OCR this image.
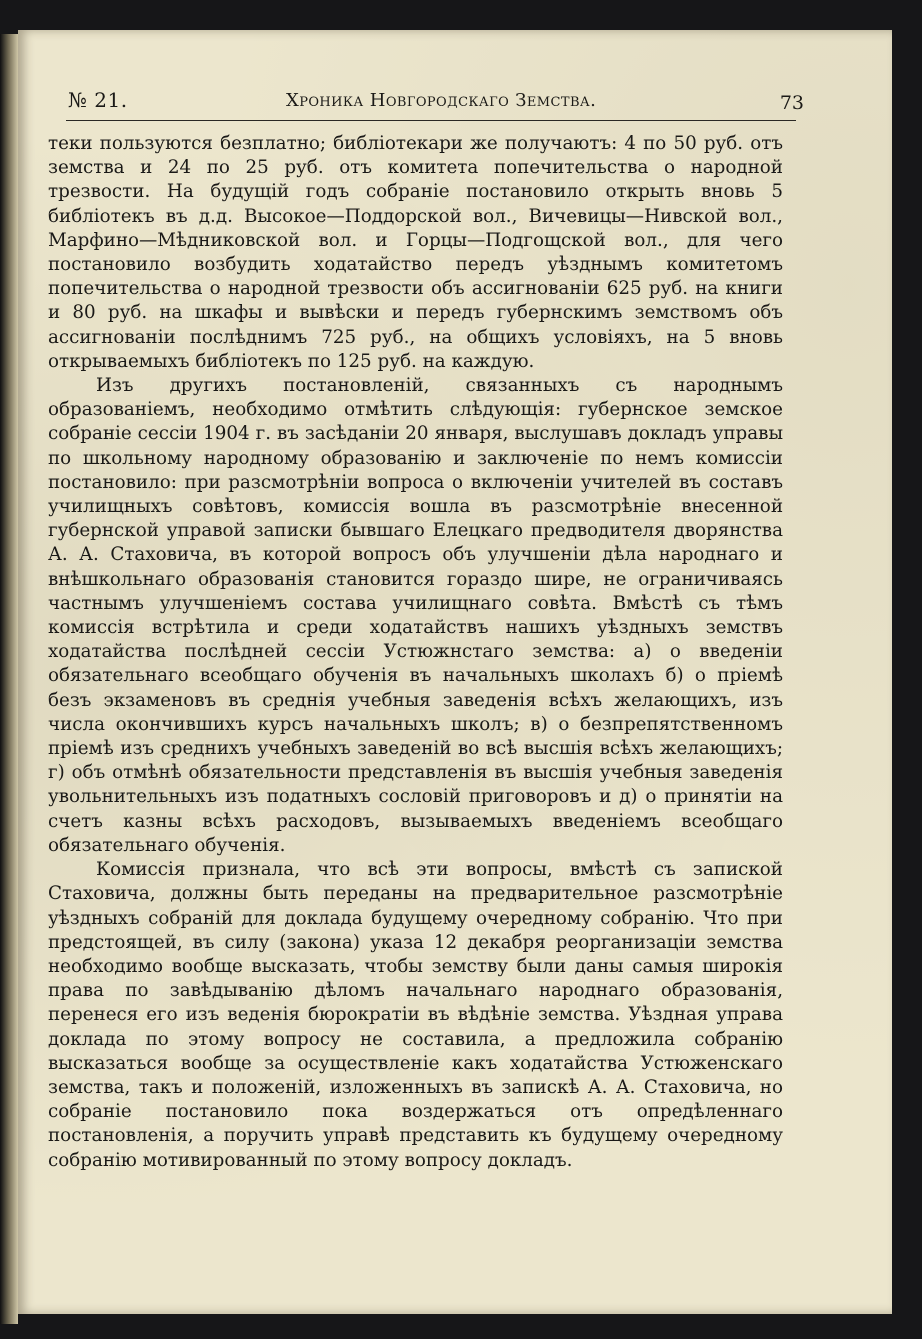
№ 21.	Хроника Новгородскаго Земства.	73

теки пользуются безплатно; библіотекари же получаютъ: 4 по 50 руб. отъ земства и 24 по 25 руб. отъ комитета попечительства о народной трезвости. На будущій годъ собраніе постановило открыть вновь 5 библіотекъ въ д.д. Высокое—Поддорской вол., Вичевицы—Нивской вол., Марфино—Мѣдниковской вол. и Горцы—Подгощской вол., для чего постановило возбудить ходатайство передъ уѣзднымъ комитетомъ попечительства о народной трезвости объ ассигнованіи 625 руб. на книги и 80 руб. на шкафы и вывѣски и передъ губернскимъ земствомъ объ ассигнованіи послѣднимъ 725 руб., на общихъ условіяхъ, на 5 вновь открываемыхъ библіотекъ по 125 руб. на каждую.

Изъ другихъ постановленій, связанныхъ съ народнымъ образованіемъ, необходимо отмѣтить слѣдующія: губернское земское собраніе сессіи 1904 г. въ засѣданіи 20 января, выслушавъ докладъ управы по школьному народному образованію и заключеніе по немъ комиссіи постановило: при разсмотрѣніи вопроса о включеніи учителей въ составъ училищныхъ совѣтовъ, комиссія вошла въ разсмотрѣніе внесенной губернской управой записки бывшаго Елецкаго предводителя дворянства А. А. Стаховича, въ которой вопросъ объ улучшеніи дѣла народнаго и внѣшкольнаго образованія становится гораздо шире, не ограничиваясь частнымъ улучшеніемъ состава училищнаго совѣта. Вмѣстѣ съ тѣмъ комиссія встрѣтила и среди ходатайствъ нашихъ уѣздныхъ земствъ ходатайства послѣдней сессіи Устюжнстаго земства: а) о введеніи обязательнаго всеобщаго обученія въ начальныхъ школахъ б) о пріемѣ безъ экзаменовъ въ среднія учебныя заведенія всѣхъ желающихъ, изъ числа окончившихъ курсъ начальныхъ школъ; в) о безпрепятственномъ пріемѣ изъ среднихъ учебныхъ заведеній во всѣ высшія всѣхъ желающихъ; г) объ отмѣнѣ обязательности представленія въ высшія учебныя заведенія увольнительныхъ изъ податныхъ сословій приговоровъ и д) о принятіи на счетъ казны всѣхъ расходовъ, вызываемыхъ введеніемъ всеобщаго обязательнаго обученія.

Комиссія признала, что всѣ эти вопросы, вмѣстѣ съ запиской Стаховича, должны быть переданы на предварительное разсмотрѣніе уѣздныхъ собраній для доклада будущему очередному собранію. Что при предстоящей, въ силу (закона) указа 12 декабря реорганизаціи земства необходимо вообще высказать, чтобы земству были даны самыя широкія права по завѣдыванію дѣломъ начальнаго народнаго образованія, перенеся его изъ веденія бюрократіи въ вѣдѣніе земства. Уѣздная управа доклада по этому вопросу не составила, а предложила собранію высказаться вообще за осуществленіе какъ ходатайства Устюженскаго земства, такъ и положеній, изложенныхъ въ запискѣ А. А. Стаховича, но собраніе постановило пока воздержаться отъ опредѣленнаго постановленія, а поручить управѣ представить къ будущему очередному собранію мотивированный по этому вопросу докладъ.
